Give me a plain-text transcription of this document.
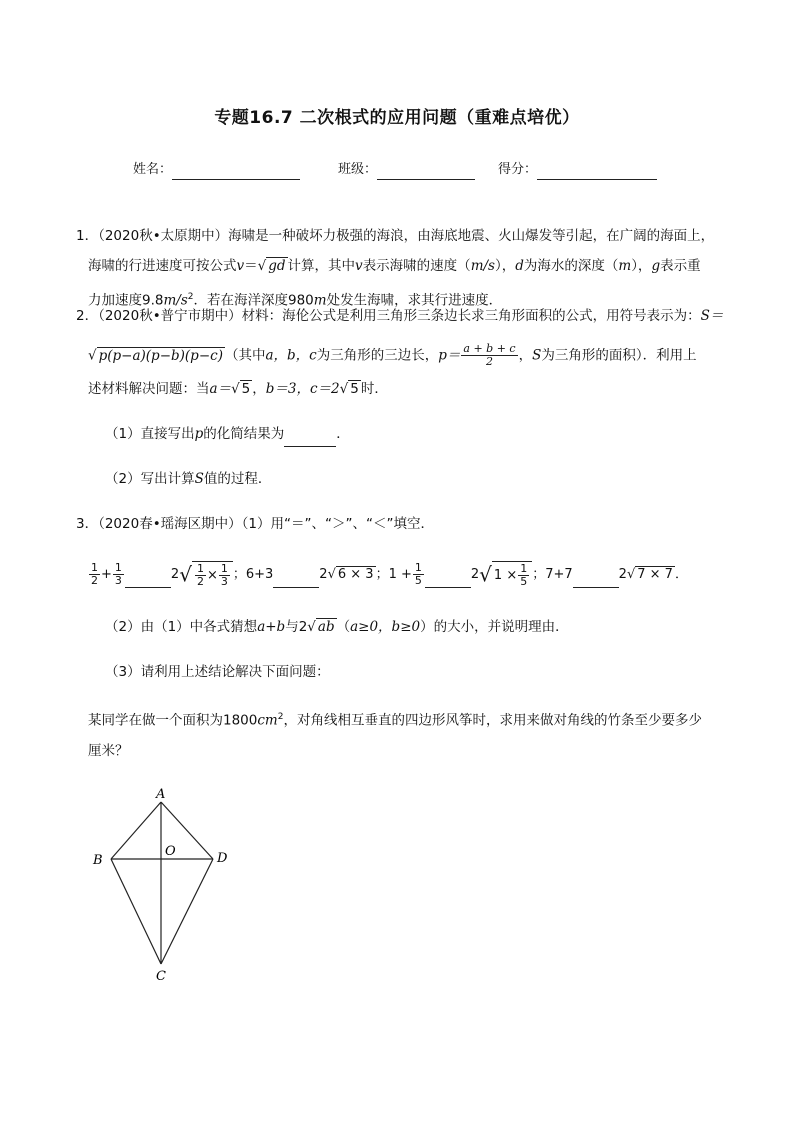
专题16.7 二次根式的应用问题（重难点培优）
姓名：	班级：	得分：
1．（2020秋•太原期中）海啸是一种破坏力极强的海浪，由海底地震、火山爆发等引起，在广阔的海面上，
海啸的行进速度可按公式v＝√ gd 计算，其中v表示海啸的速度（m/s），d为海水的深度（m），g表示重
力加速度$9.8m/s^2$．若在海洋深度980m处发生海啸，求其行进速度．
2．（2020秋•普宁市期中）材料：海伦公式是利用三角形三条边长求三角形面积的公式，用符号表示为：S＝
√ p(p−a)(p−b)(p−c) （其中a，b，c为三角形的三边长，$p= \frac{a + b + c}{2}$ ，S为三角形的面积）．利用上
述材料解决问题：当a＝√ 5 ，b＝3，c＝2√ 5 时．
（1）直接写出p的化简结果为	．
（2）写出计算S值的过程．
3．（2020春•瑶海区期中）（1）用“＝”、“＞”、“＜”填空．
$\frac{1}{2} + \frac{1}{3}$	$2√ \frac{1}{2} \times \frac{1}{3}$ ；6+3	2√ 6 × 3 ；$1 + \frac{1}{5}$	2√ $1 \times \frac{1}{5}$ ；7+7	2√ 7 × 7 ．
（2）由（1）中各式猜想a+b与2√ ab （a≥0，b≥0）的大小，并说明理由．
（3）请利用上述结论解决下面问题：
某同学在做一个面积为$1800cm^2$，对角线相互垂直的四边形风筝时，求用来做对角线的竹条至少要多少
厘米？
A
B
C
D
O
